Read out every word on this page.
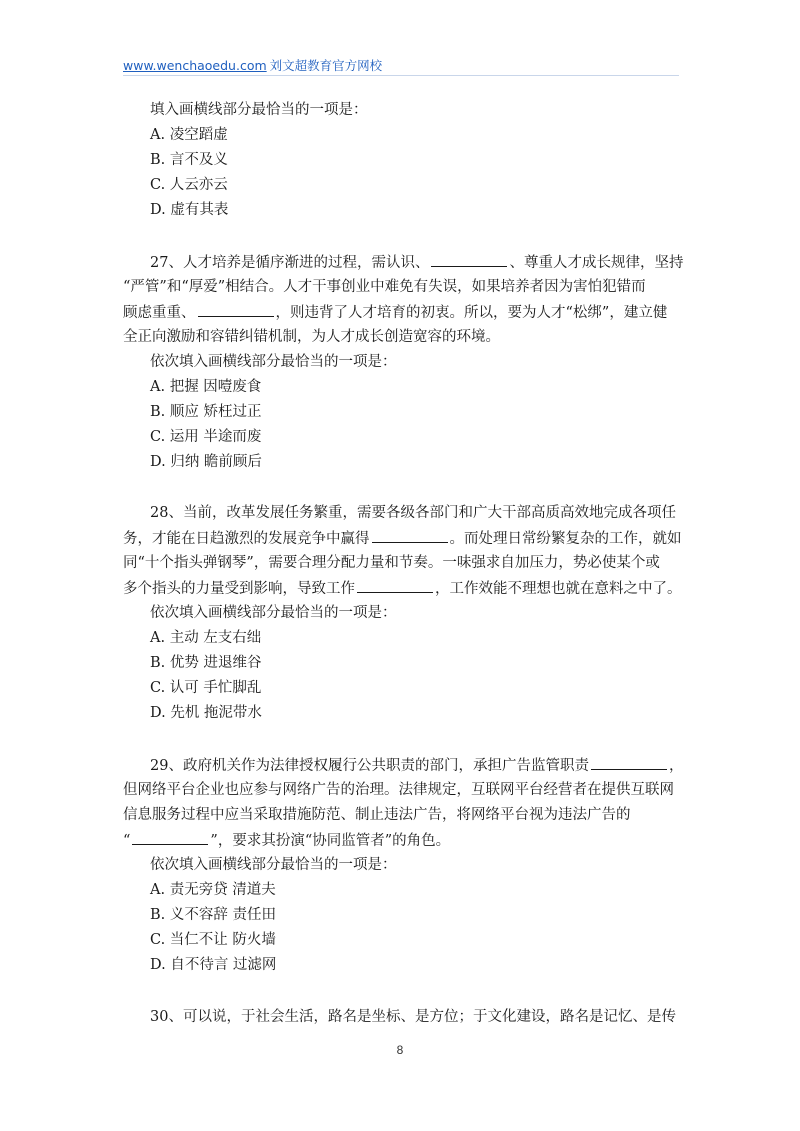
www.wenchaoedu.com 刘文超教育官方网校
填入画横线部分最恰当的一项是：
A. 凌空蹈虚
B. 言不及义
C. 人云亦云
D. 虚有其表
27、人才培养是循序渐进的过程，需认识、	、尊重人才成长规律，坚持
“严管”和“厚爱”相结合。人才干事创业中难免有失误，如果培养者因为害怕犯错而
顾虑重重、	，则违背了人才培育的初衷。所以，要为人才“松绑”，建立健
全正向激励和容错纠错机制，为人才成长创造宽容的环境。
依次填入画横线部分最恰当的一项是：
A. 把握 因噎废食
B. 顺应 矫枉过正
C. 运用 半途而废
D. 归纳 瞻前顾后
28、当前，改革发展任务繁重，需要各级各部门和广大干部高质高效地完成各项任
务，才能在日趋激烈的发展竞争中赢得	。而处理日常纷繁复杂的工作，就如
同“十个指头弹钢琴”，需要合理分配力量和节奏。一味强求自加压力，势必使某个或
多个指头的力量受到影响，导致工作	，工作效能不理想也就在意料之中了。
依次填入画横线部分最恰当的一项是：
A. 主动 左支右绌
B. 优势 进退维谷
C. 认可 手忙脚乱
D. 先机 拖泥带水
29、政府机关作为法律授权履行公共职责的部门，承担广告监管职责	，
但网络平台企业也应参与网络广告的治理。法律规定，互联网平台经营者在提供互联网
信息服务过程中应当采取措施防范、制止违法广告，将网络平台视为违法广告的
“	”，要求其扮演“协同监管者”的角色。
依次填入画横线部分最恰当的一项是：
A. 责无旁贷 清道夫
B. 义不容辞 责任田
C. 当仁不让 防火墙
D. 自不待言 过滤网
30、可以说，于社会生活，路名是坐标、是方位；于文化建设，路名是记忆、是传
8
